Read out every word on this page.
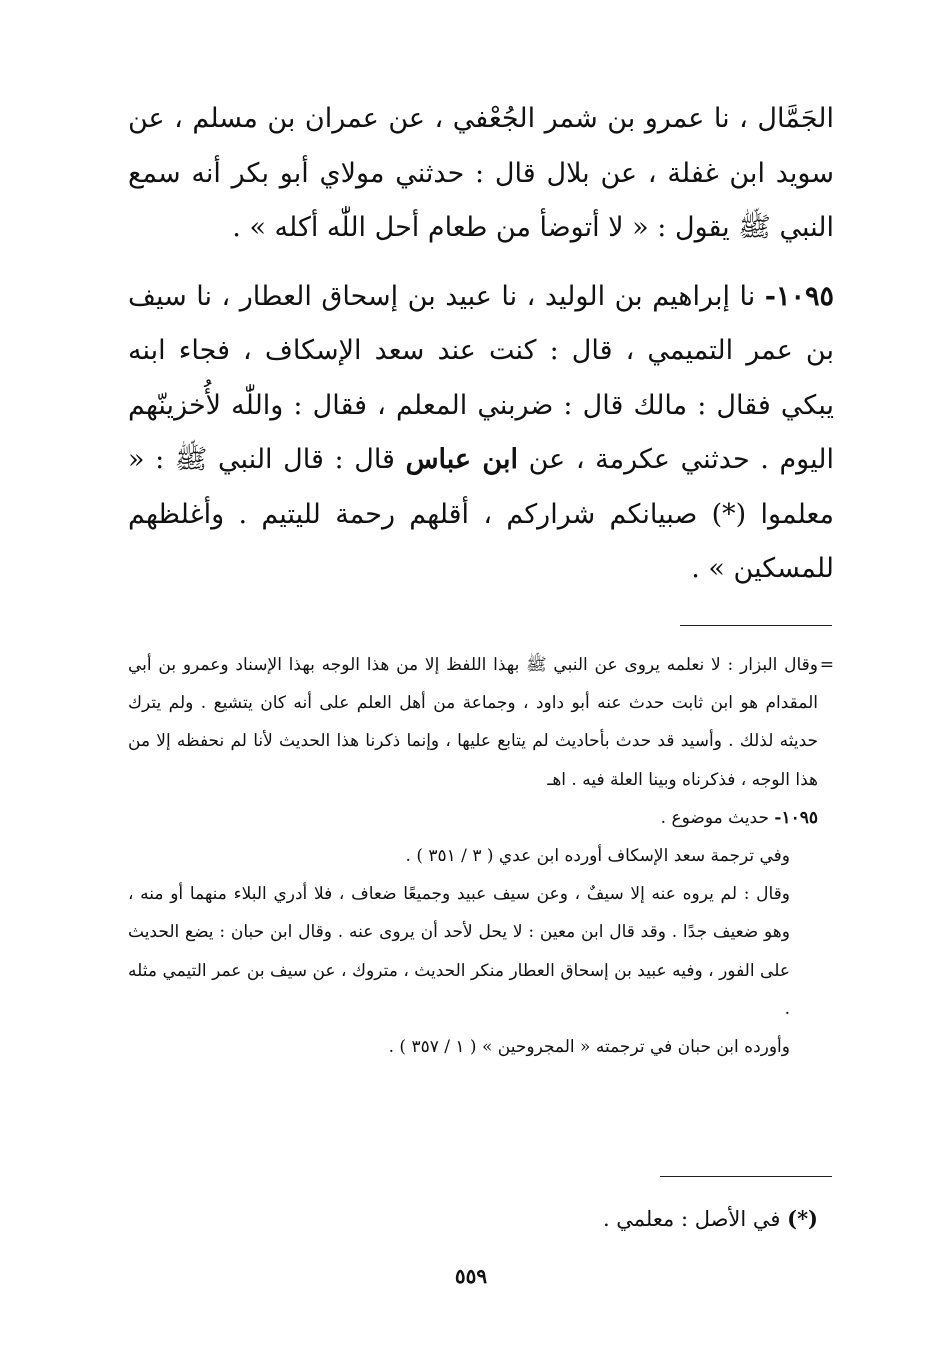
الجَمَّال ، نا عمرو بن شمر الجُعْفي ، عن عمران بن مسلم ، عن سويد ابن غفلة ، عن بلال قال : حدثني مولاي أبو بكر أنه سمع النبي ﷺ يقول : « لا أتوضأ من طعام أحل اللّٰه أكله » .

١٠٩٥- نا إبراهيم بن الوليد ، نا عبيد بن إسحاق العطار ، نا سيف بن عمر التميمي ، قال : كنت عند سعد الإسكاف ، فجاء ابنه يبكي فقال : مالك قال : ضربني المعلم ، فقال : واللّٰه لأُخزينّهم اليوم . حدثني عكرمة ، عن ابن عباس قال : قال النبي ﷺ : « معلموا (*) صبيانكم شراركم ، أقلهم رحمة لليتيم . وأغلظهم للمسكين » .

=

وقال البزار : لا نعلمه يروى عن النبي ﷺ بهذا اللفظ إلا من هذا الوجه بهذا الإسناد وعمرو بن أبي المقدام هو ابن ثابت حدث عنه أبو داود ، وجماعة من أهل العلم على أنه كان يتشيع . ولم يترك حديثه لذلك . وأسيد قد حدث بأحاديث لم يتابع عليها ، وإنما ذكرنا هذا الحديث لأنا لم نحفظه إلا من هذا الوجه ، فذكرناه وبينا العلة فيه . اهـ

١٠٩٥- حديث موضوع .

وفي ترجمة سعد الإسكاف أورده ابن عدي ( ٣ / ٣٥١ ) .

وقال : لم يروه عنه إلا سيفٌ ، وعن سيف عبيد وجميعًا ضعاف ، فلا أدري البلاء منهما أو منه ، وهو ضعيف جدًا . وقد قال ابن معين : لا يحل لأحد أن يروى عنه . وقال ابن حبان : يضع الحديث على الفور ، وفيه عبيد بن إسحاق العطار منكر الحديث ، متروك ، عن سيف بن عمر التيمي مثله .

وأورده ابن حبان في ترجمته « المجروحين » ( ١ / ٣٥٧ ) .

(*) في الأصل : معلمي .
٥٥٩
